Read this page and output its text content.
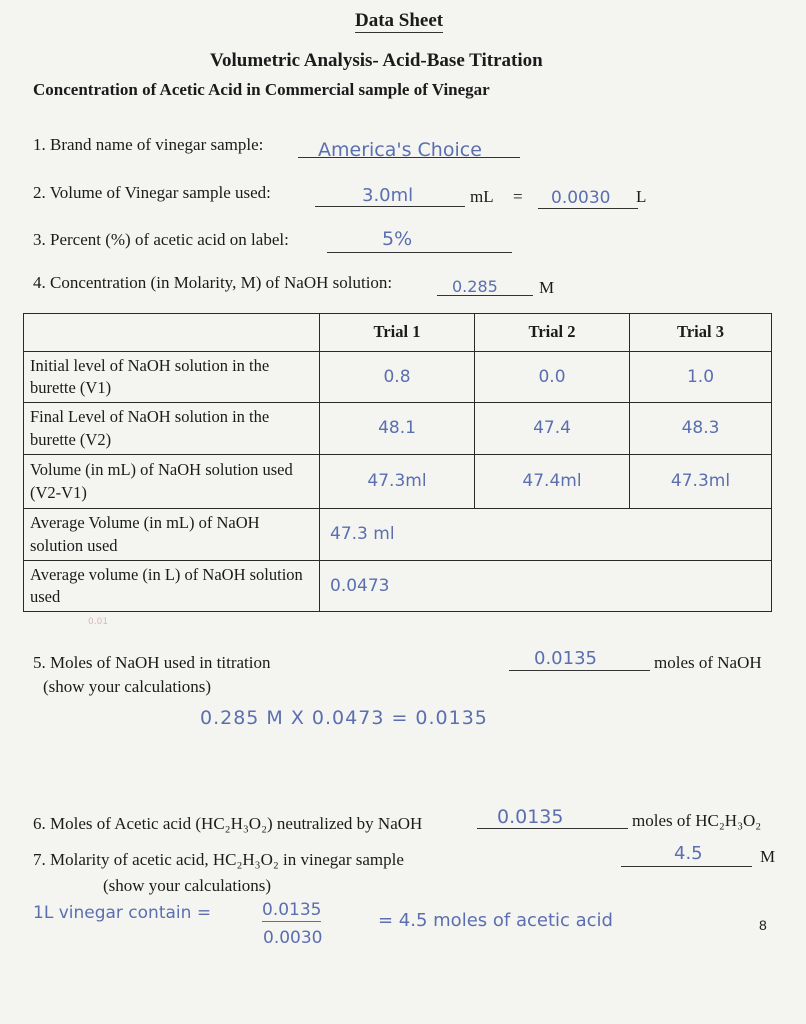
Data Sheet
Volumetric Analysis- Acid-Base Titration
Concentration of Acetic Acid in Commercial sample of Vinegar
1. Brand name of vinegar sample:	America's Choice
2. Volume of Vinegar sample used:	3.0ml	mL = 0.0030 L
3. Percent (%) of acetic acid on label:	5%
4. Concentration (in Molarity, M) of NaOH solution:	0.285 M
	Trial 1	Trial 2	Trial 3
Initial level of NaOH solution in the burette (V1)	0.8	0.0	1.0
Final Level of NaOH solution in the burette (V2)	48.1	47.4	48.3
Volume (in mL) of NaOH solution used (V2-V1)	47.3ml	47.4ml	47.3ml
Average Volume (in mL) of NaOH solution used	47.3 ml		
Average volume (in L) of NaOH solution used	0.0473		
0.01
5. Moles of NaOH used in titration
(show your calculations)
0.0135	moles of NaOH
0.285 M X 0.0473 = 0.0135
6. Moles of Acetic acid (HC₂H₃O₂) neutralized by NaOH	0.0135	moles of HC₂H₃O₂
7. Molarity of acetic acid, HC₂H₃O₂ in vinegar sample
(show your calculations)
4.5	M
1L vinegar contain =	0.0135
0.0030
= 4.5 moles of acetic acid	8
